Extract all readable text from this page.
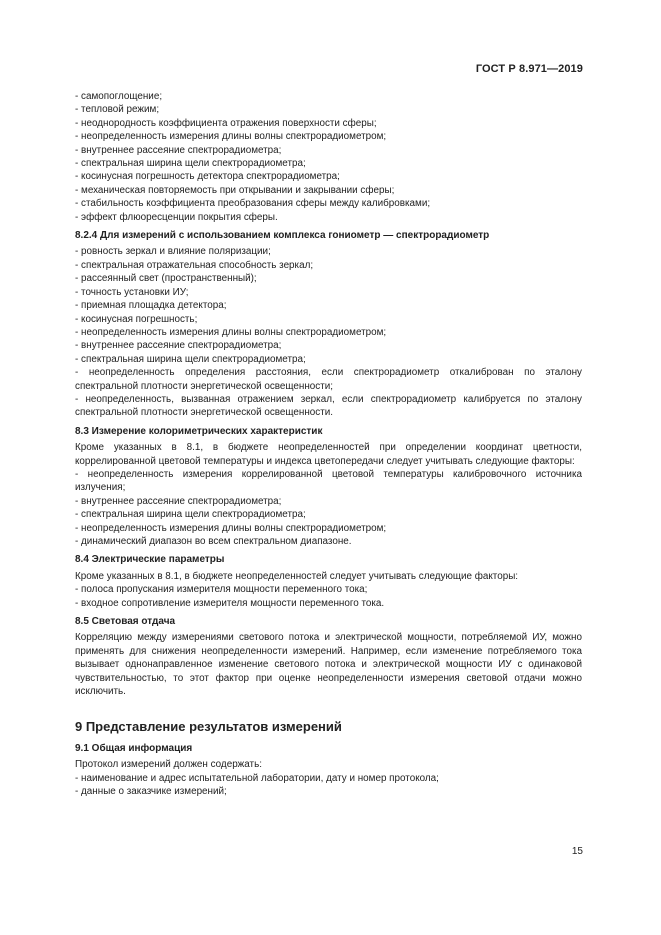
ГОСТ Р 8.971—2019
- самопоглощение;
- тепловой режим;
- неоднородность коэффициента отражения поверхности сферы;
- неопределенность измерения длины волны спектрорадиометром;
- внутреннее рассеяние спектрорадиометра;
- спектральная ширина щели спектрорадиометра;
- косинусная погрешность детектора спектрорадиометра;
- механическая повторяемость при открывании и закрывании сферы;
- стабильность коэффициента преобразования сферы между калибровками;
- эффект флюоресценции покрытия сферы.
8.2.4 Для измерений с использованием комплекса гониометр — спектрорадиометр
- ровность зеркал и влияние поляризации;
- спектральная отражательная способность зеркал;
- рассеянный свет (пространственный);
- точность установки ИУ;
- приемная площадка детектора;
- косинусная погрешность;
- неопределенность измерения длины волны спектрорадиометром;
- внутреннее рассеяние спектрорадиометра;
- спектральная ширина щели спектрорадиометра;
- неопределенность определения расстояния, если спектрорадиометр откалиброван по эталону спектральной плотности энергетической освещенности;
- неопределенность, вызванная отражением зеркал, если спектрорадиометр калибруется по эталону спектральной плотности энергетической освещенности.
8.3 Измерение колориметрических характеристик
Кроме указанных в 8.1, в бюджете неопределенностей при определении координат цветности, коррелированной цветовой температуры и индекса цветопередачи следует учитывать следующие факторы:
- неопределенность измерения коррелированной цветовой температуры калибровочного источника излучения;
- внутреннее рассеяние спектрорадиометра;
- спектральная ширина щели спектрорадиометра;
- неопределенность измерения длины волны спектрорадиометром;
- динамический диапазон во всем спектральном диапазоне.
8.4 Электрические параметры
Кроме указанных в 8.1, в бюджете неопределенностей следует учитывать следующие факторы:
- полоса пропускания измерителя мощности переменного тока;
- входное сопротивление измерителя мощности переменного тока.
8.5 Световая отдача
Корреляцию между измерениями светового потока и электрической мощности, потребляемой ИУ, можно применять для снижения неопределенности измерений. Например, если изменение потребляемого тока вызывает однонаправленное изменение светового потока и электрической мощности ИУ с одинаковой чувствительностью, то этот фактор при оценке неопределенности измерения световой отдачи можно исключить.
9 Представление результатов измерений
9.1 Общая информация
Протокол измерений должен содержать:
- наименование и адрес испытательной лаборатории, дату и номер протокола;
- данные о заказчике измерений;
15
